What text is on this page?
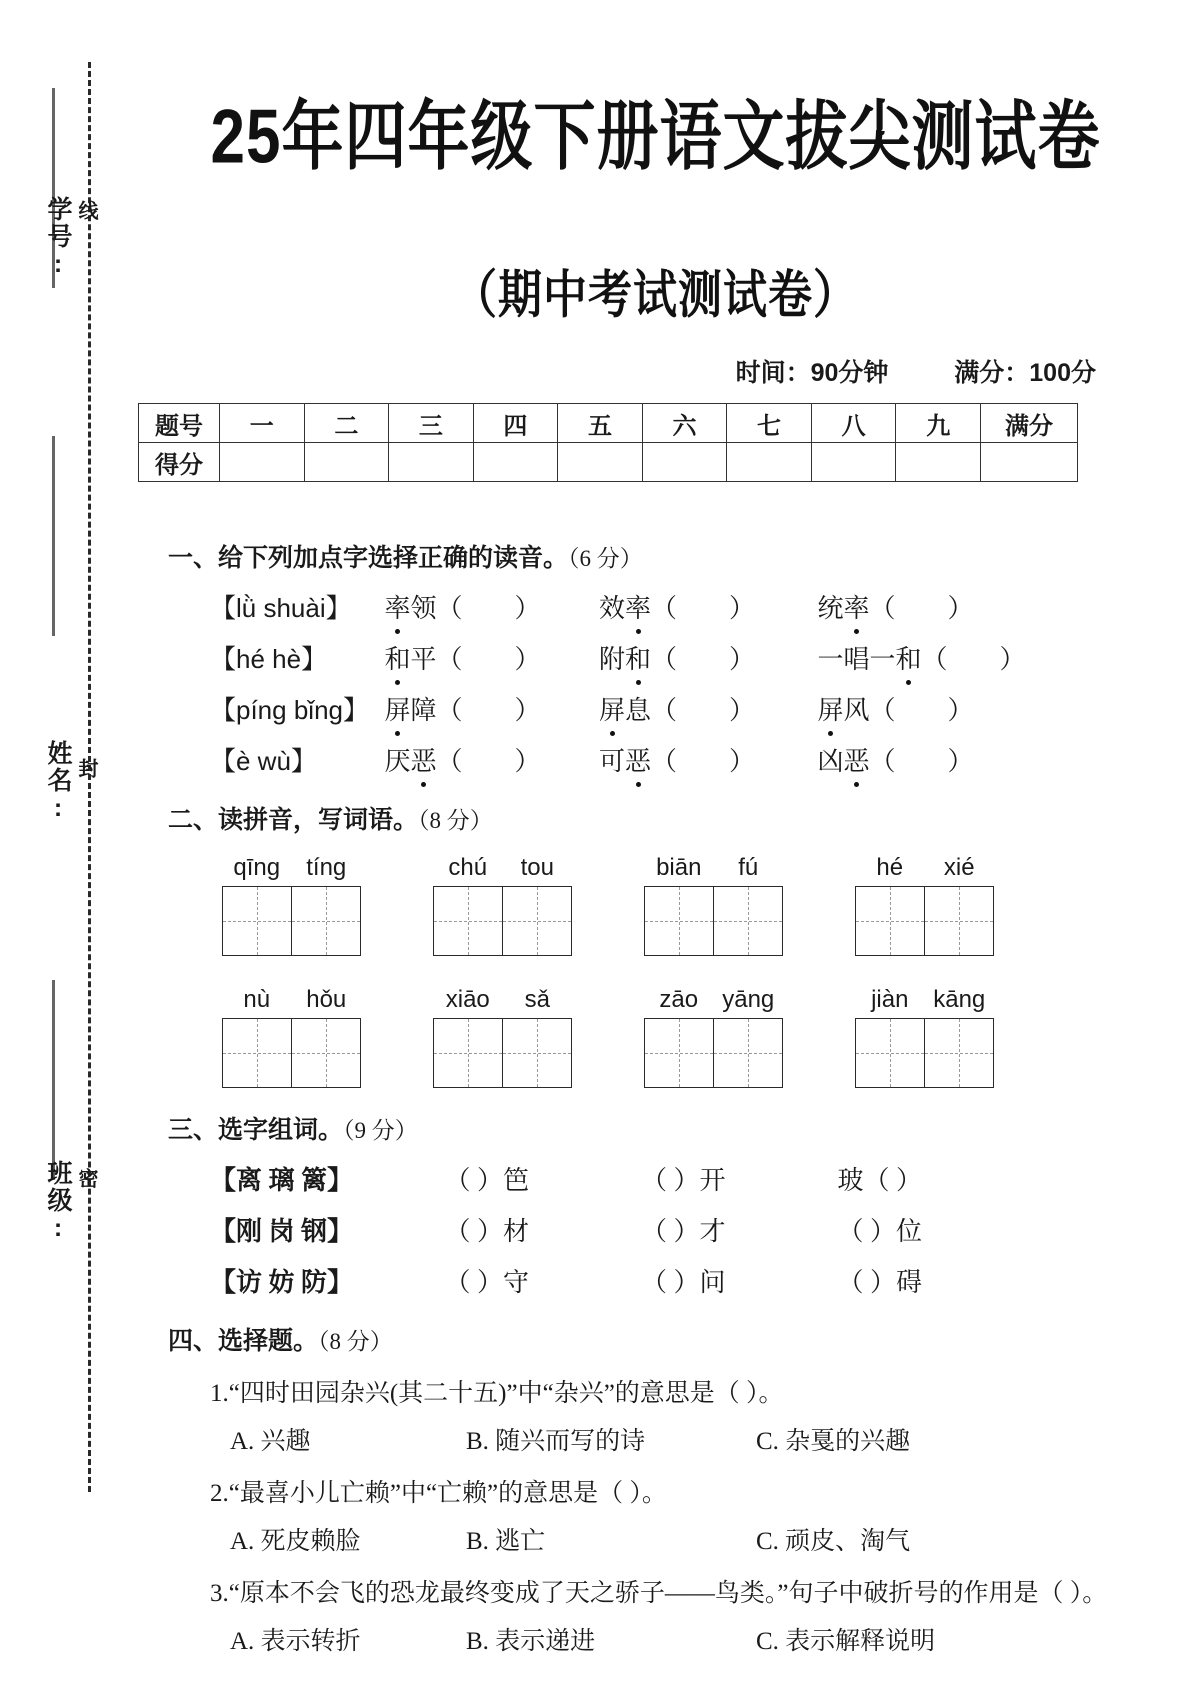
学号: 线
姓名: 封
班级: 密
25年四年级下册语文拔尖测试卷
（期中考试测试卷）
时间：90分钟	满分：100分
题号	一	二	三	四	五	六	七	八	九	满分
得分										
一、给下列加点字选择正确的读音。（6 分）
【lǜ shuài】 率领（　　） 效率（　　） 统率（　　）
【hé hè】 和平（　　） 附和（　　） 一唱一和（　　）
【píng bǐng】 屏障（　　） 屏息（　　） 屏风（　　）
【è wù】	厌恶（　　） 可恶（　　） 凶恶（　　）
二、读拼音，写词语。（8 分）
qīng	tíng	chú	tou	biān	fú	hé	xié
nù	hǒu	xiāo	sǎ	zāo	yāng	jiàn	kāng
三、选字组词。（9 分）
【离 璃 篱】	（ ）笆	（ ）开	玻（ ）
【刚 岗 钢】	（ ）材	（ ）才	（ ）位
【访 妨 防】	（ ）守	（ ）问	（ ）碍
四、选择题。（8 分）
1.“四时田园杂兴(其二十五)”中“杂兴”的意思是（ ）。
A. 兴趣	B. 随兴而写的诗	C. 杂戛的兴趣
2.“最喜小儿亡赖”中“亡赖”的意思是（ ）。
A. 死皮赖脸	B. 逃亡	C. 顽皮、淘气
3.“原本不会飞的恐龙最终变成了天之骄子——鸟类。”句子中破折号的作用是（ ）。
A. 表示转折	B. 表示递进	C. 表示解释说明
